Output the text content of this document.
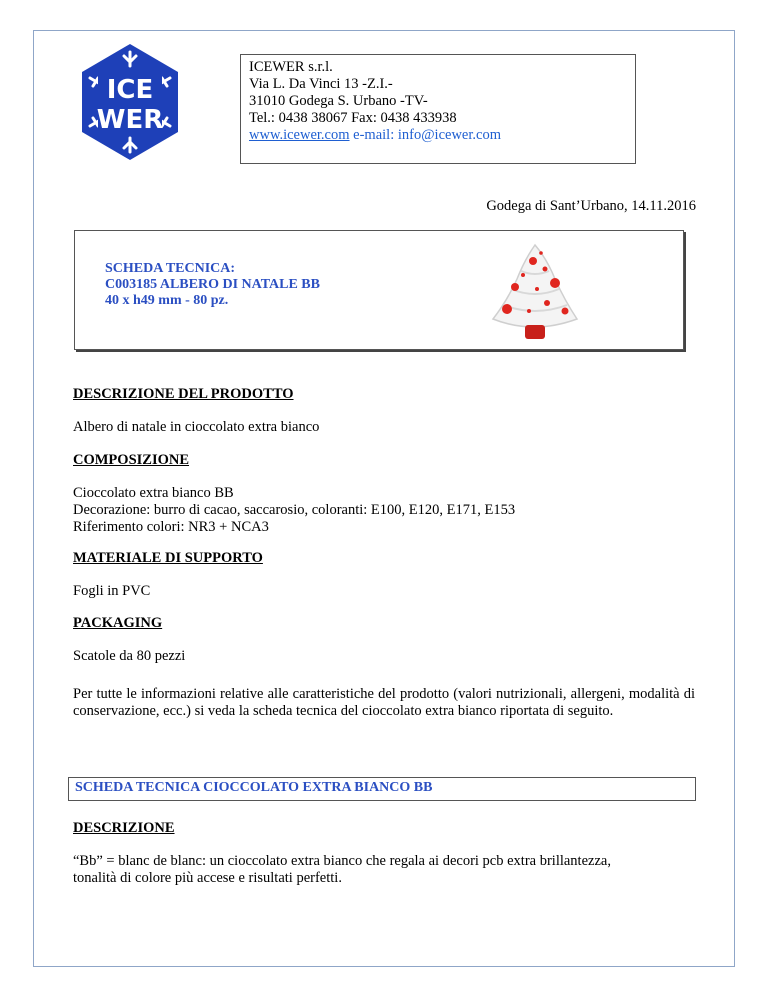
ICE
WER
ICEWER s.r.l.
Via L. Da Vinci 13 -Z.I.-
31010 Godega S. Urbano -TV-
Tel.: 0438 38067 Fax: 0438 433938
www.icewer.com e-mail: info@icewer.com
Godega di Sant’Urbano, 14.11.2016
SCHEDA TECNICA:
C003185 ALBERO DI NATALE BB
40 x h49 mm - 80 pz.
DESCRIZIONE DEL PRODOTTO
Albero di natale in cioccolato extra bianco
COMPOSIZIONE
Cioccolato extra bianco BB
Decorazione: burro di cacao, saccarosio, coloranti: E100, E120, E171, E153
Riferimento colori: NR3 + NCA3
MATERIALE DI SUPPORTO
Fogli in PVC
PACKAGING
Scatole da 80 pezzi
Per tutte le informazioni relative alle caratteristiche del prodotto (valori nutrizionali, allergeni, modalità di conservazione, ecc.) si veda la scheda tecnica del cioccolato extra bianco riportata di seguito.
SCHEDA TECNICA CIOCCOLATO EXTRA BIANCO BB
DESCRIZIONE
“Bb” = blanc de blanc: un cioccolato extra bianco che regala ai decori pcb extra brillantezza,
tonalità di colore più accese e risultati perfetti.
